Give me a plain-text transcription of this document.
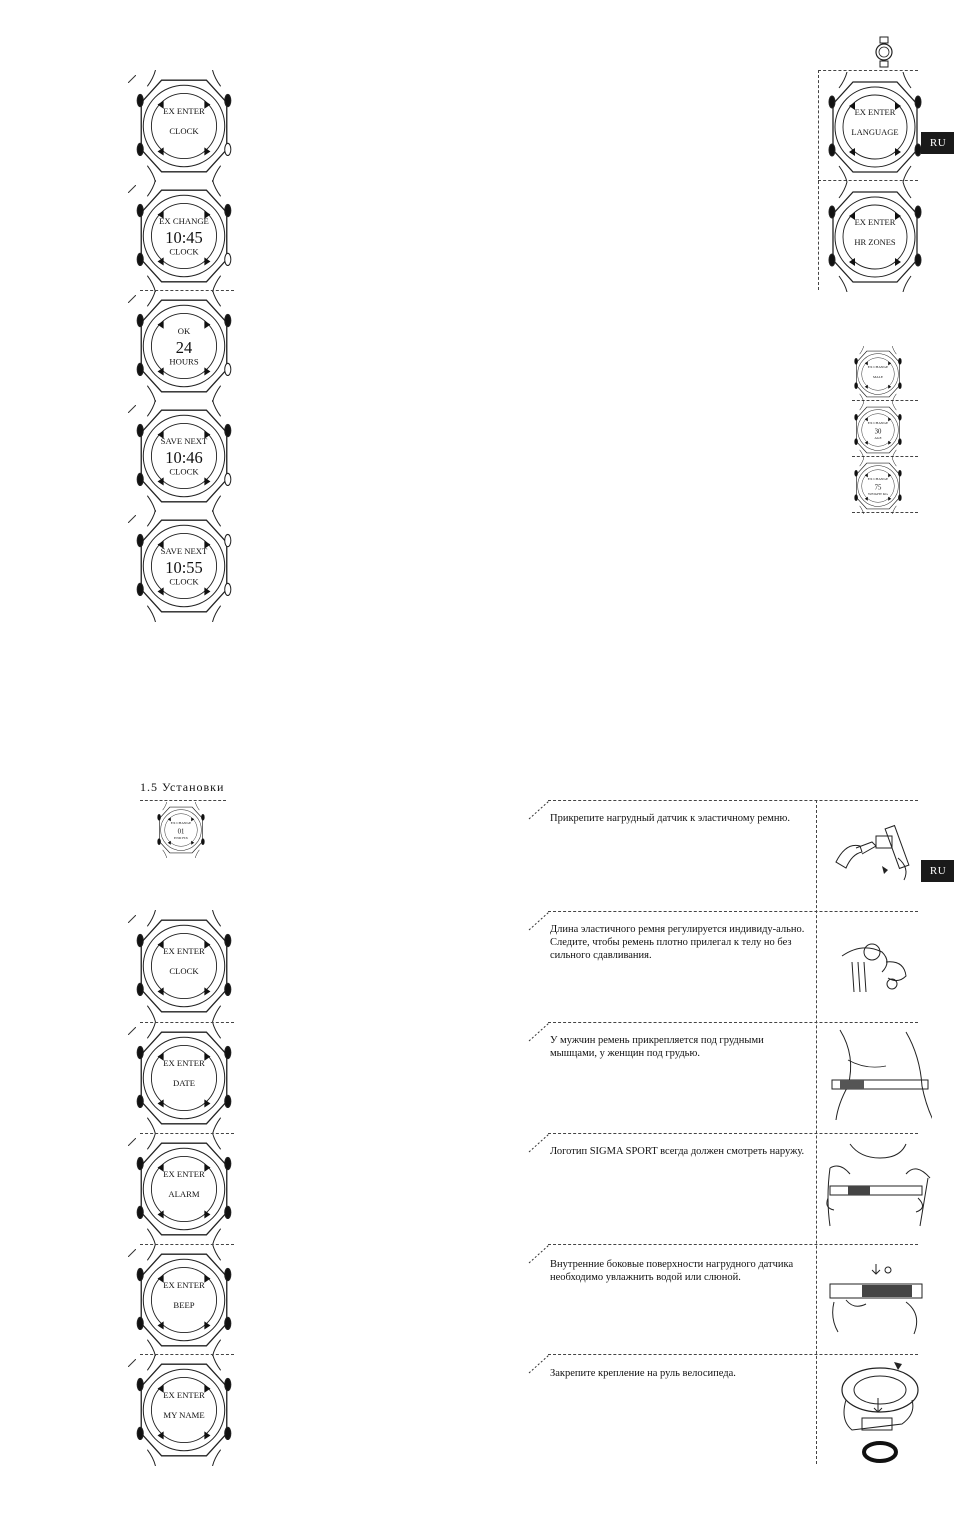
EX ENTER
CLOCK
EX CHANGE
10:45
CLOCK
OK
24
HOURS
SAVE NEXT
10:46
CLOCK
SAVE NEXT
10:55
CLOCK
EX ENTER
LANGUAGE
EX ENTER
HR ZONES
RU
EX CHANGE
MALE
EX CHANGE
30
AGE
EX CHANGE
75
WEIGHT KG
1.5 Установки
EX CHANGE
01
END FIX
EX ENTER
CLOCK
EX ENTER
DATE
EX ENTER
ALARM
EX ENTER
BEEP
EX ENTER
MY NAME
RU
Прикрепите нагрудный датчик к эластичному ремню.
Длина эластичного ремня регулируется индивиду-ально. Следите, чтобы ремень плотно прилегал к телу но без сильного сдавливания.
У мужчин ремень прикрепляется под грудными мышцами, у женщин под грудью.
Логотип SIGMA SPORT всегда должен смотреть наружу.
Внутренние боковые поверхности нагрудного датчика необходимо увлажнить водой или слюной.
Закрепите крепление на руль велосипеда.
